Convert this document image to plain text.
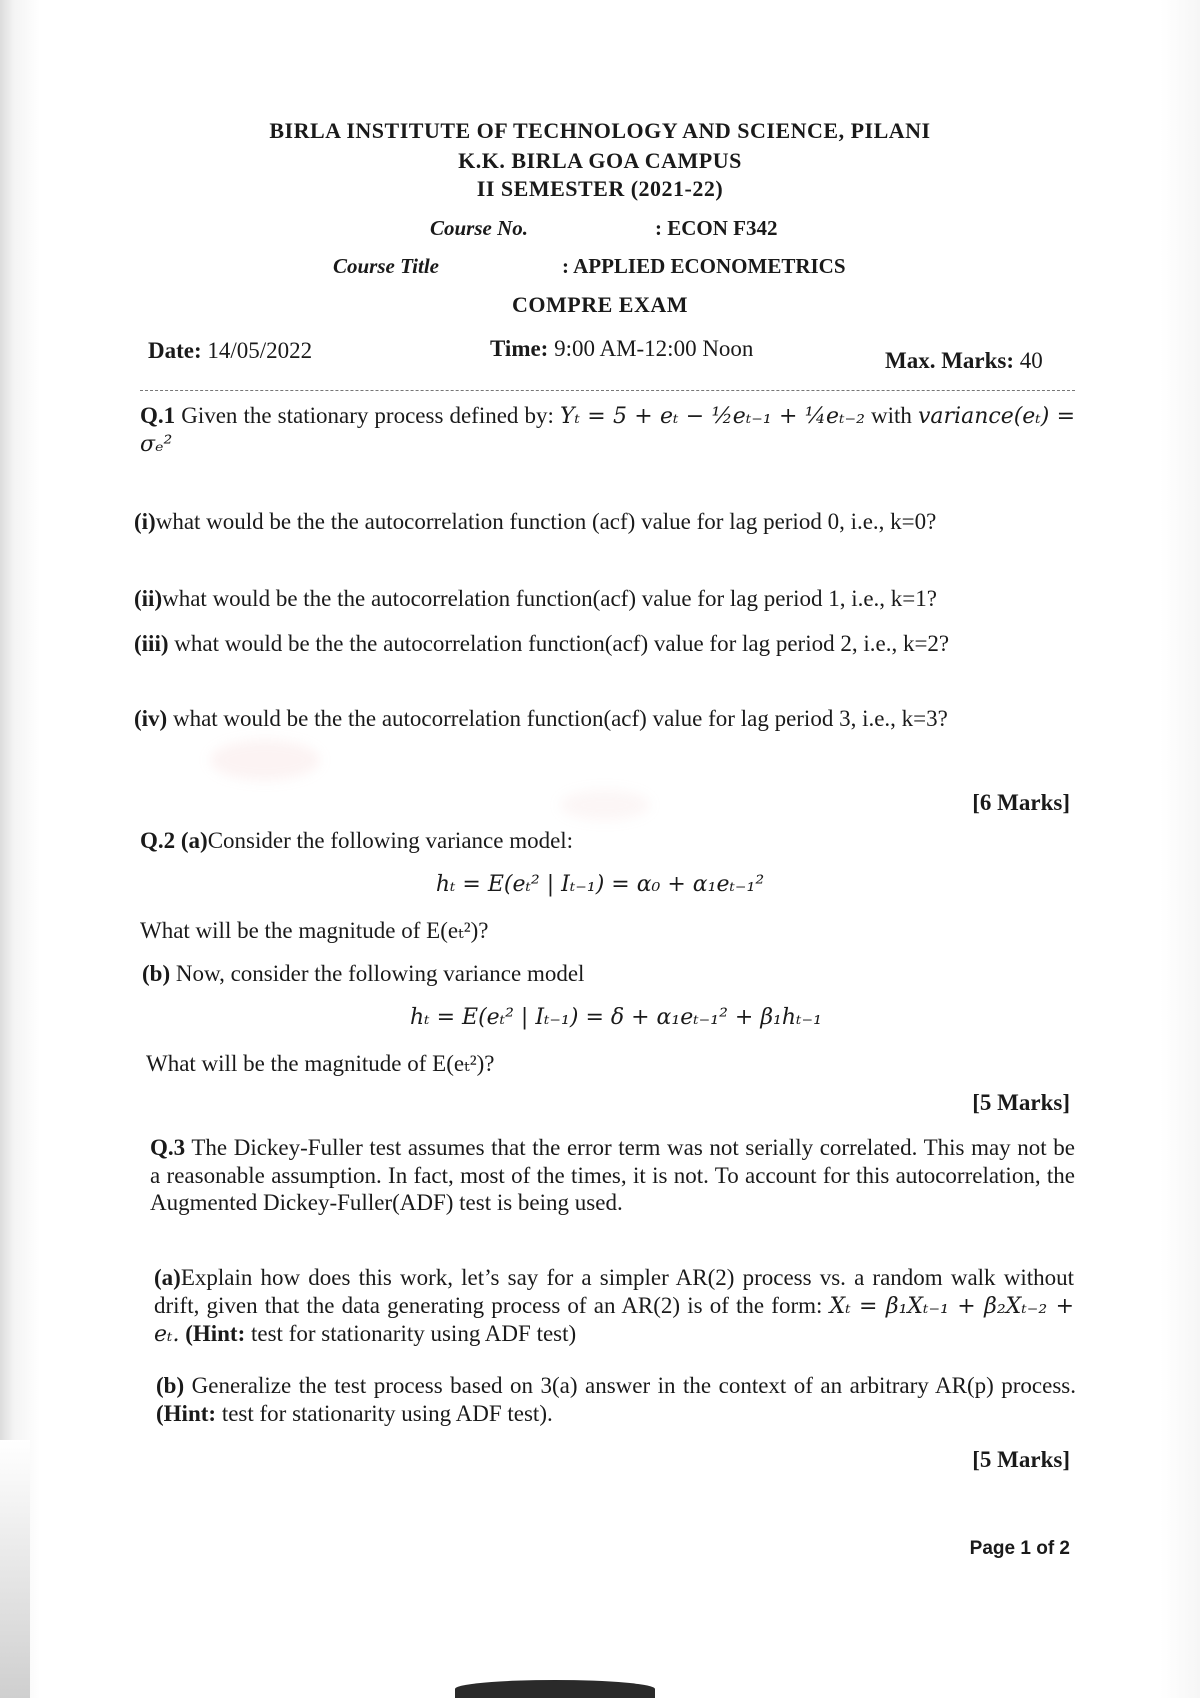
BIRLA INSTITUTE OF TECHNOLOGY AND SCIENCE, PILANI
K.K. BIRLA GOA CAMPUS
II SEMESTER (2021-22)
Course No.	: ECON F342
Course Title	: APPLIED ECONOMETRICS
COMPRE EXAM
Date: 14/05/2022	Time: 9:00 AM-12:00 Noon	Max. Marks: 40
Q.1 Given the stationary process defined by: Yₜ = 5 + eₜ − ½eₜ₋₁ + ¼eₜ₋₂ with variance(eₜ) = σₑ²
(i)what would be the the autocorrelation function (acf) value for lag period 0, i.e., k=0?
(ii)what would be the the autocorrelation function(acf) value for lag period 1, i.e., k=1?
(iii) what would be the the autocorrelation function(acf) value for lag period 2, i.e., k=2?
(iv) what would be the the autocorrelation function(acf) value for lag period 3, i.e., k=3?
[6 Marks]
Q.2 (a)Consider the following variance model:
hₜ = E(eₜ² | Iₜ₋₁) = α₀ + α₁eₜ₋₁²
What will be the magnitude of E(eₜ²)?
(b) Now, consider the following variance model
hₜ = E(eₜ² | Iₜ₋₁) = δ + α₁eₜ₋₁² + β₁hₜ₋₁
What will be the magnitude of E(eₜ²)?
[5 Marks]
Q.3 The Dickey-Fuller test assumes that the error term was not serially correlated. This may not be a reasonable assumption. In fact, most of the times, it is not. To account for this autocorrelation, the Augmented Dickey-Fuller(ADF) test is being used.
(a)Explain how does this work, let’s say for a simpler AR(2) process vs. a random walk without drift, given that the data generating process of an AR(2) is of the form: Xₜ = β₁Xₜ₋₁ + β₂Xₜ₋₂ + eₜ. (Hint: test for stationarity using ADF test)
(b) Generalize the test process based on 3(a) answer in the context of an arbitrary AR(p) process. (Hint: test for stationarity using ADF test).
[5 Marks]
Page 1 of 2
